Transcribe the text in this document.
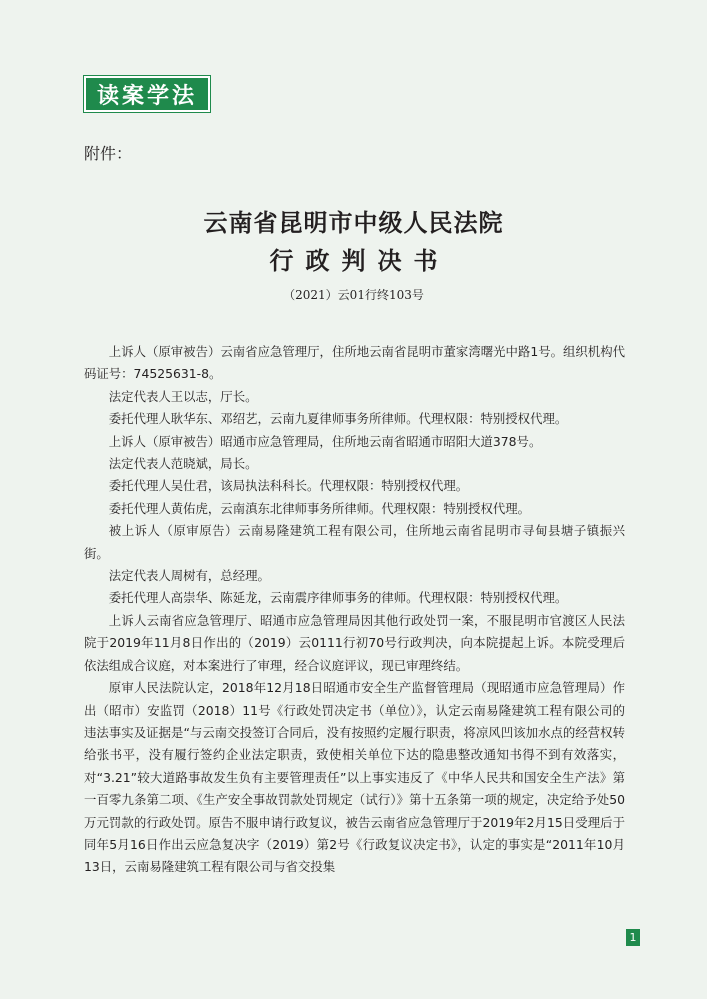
读案学法
附件：
云南省昆明市中级人民法院
行政判决书
（2021）云01行终103号

上诉人（原审被告）云南省应急管理厅，住所地云南省昆明市董家湾曙光中路1号。组织机构代码证号：74525631-8。

法定代表人王以志，厅长。

委托代理人耿华东、邓绍艺，云南九夏律师事务所律师。代理权限：特别授权代理。

上诉人（原审被告）昭通市应急管理局，住所地云南省昭通市昭阳大道378号。

法定代表人范晓斌，局长。

委托代理人吴仕君，该局执法科科长。代理权限：特别授权代理。

委托代理人黄佑虎，云南滇东北律师事务所律师。代理权限：特别授权代理。

被上诉人（原审原告）云南易隆建筑工程有限公司，住所地云南省昆明市寻甸县塘子镇振兴街。

法定代表人周树有，总经理。

委托代理人高崇华、陈延龙，云南震序律师事务的律师。代理权限：特别授权代理。

上诉人云南省应急管理厅、昭通市应急管理局因其他行政处罚一案，不服昆明市官渡区人民法院于2019年11月8日作出的（2019）云0111行初70号行政判决，向本院提起上诉。本院受理后依法组成合议庭，对本案进行了审理，经合议庭评议，现已审理终结。

原审人民法院认定，2018年12月18日昭通市安全生产监督管理局（现昭通市应急管理局）作出（昭市）安监罚（2018）11号《行政处罚决定书（单位）》，认定云南易隆建筑工程有限公司的违法事实及证据是“与云南交投签订合同后，没有按照约定履行职责，将凉风凹该加水点的经营权转给张书平，没有履行签约企业法定职责，致使相关单位下达的隐患整改通知书得不到有效落实，对“3.21”较大道路事故发生负有主要管理责任”以上事实违反了《中华人民共和国安全生产法》第一百零九条第二项、《生产安全事故罚款处罚规定（试行）》第十五条第一项的规定，决定给予处50万元罚款的行政处罚。原告不服申请行政复议，被告云南省应急管理厅于2019年2月15日受理后于同年5月16日作出云应急复决字（2019）第2号《行政复议决定书》，认定的事实是“2011年10月13日，云南易隆建筑工程有限公司与省交投集

1
